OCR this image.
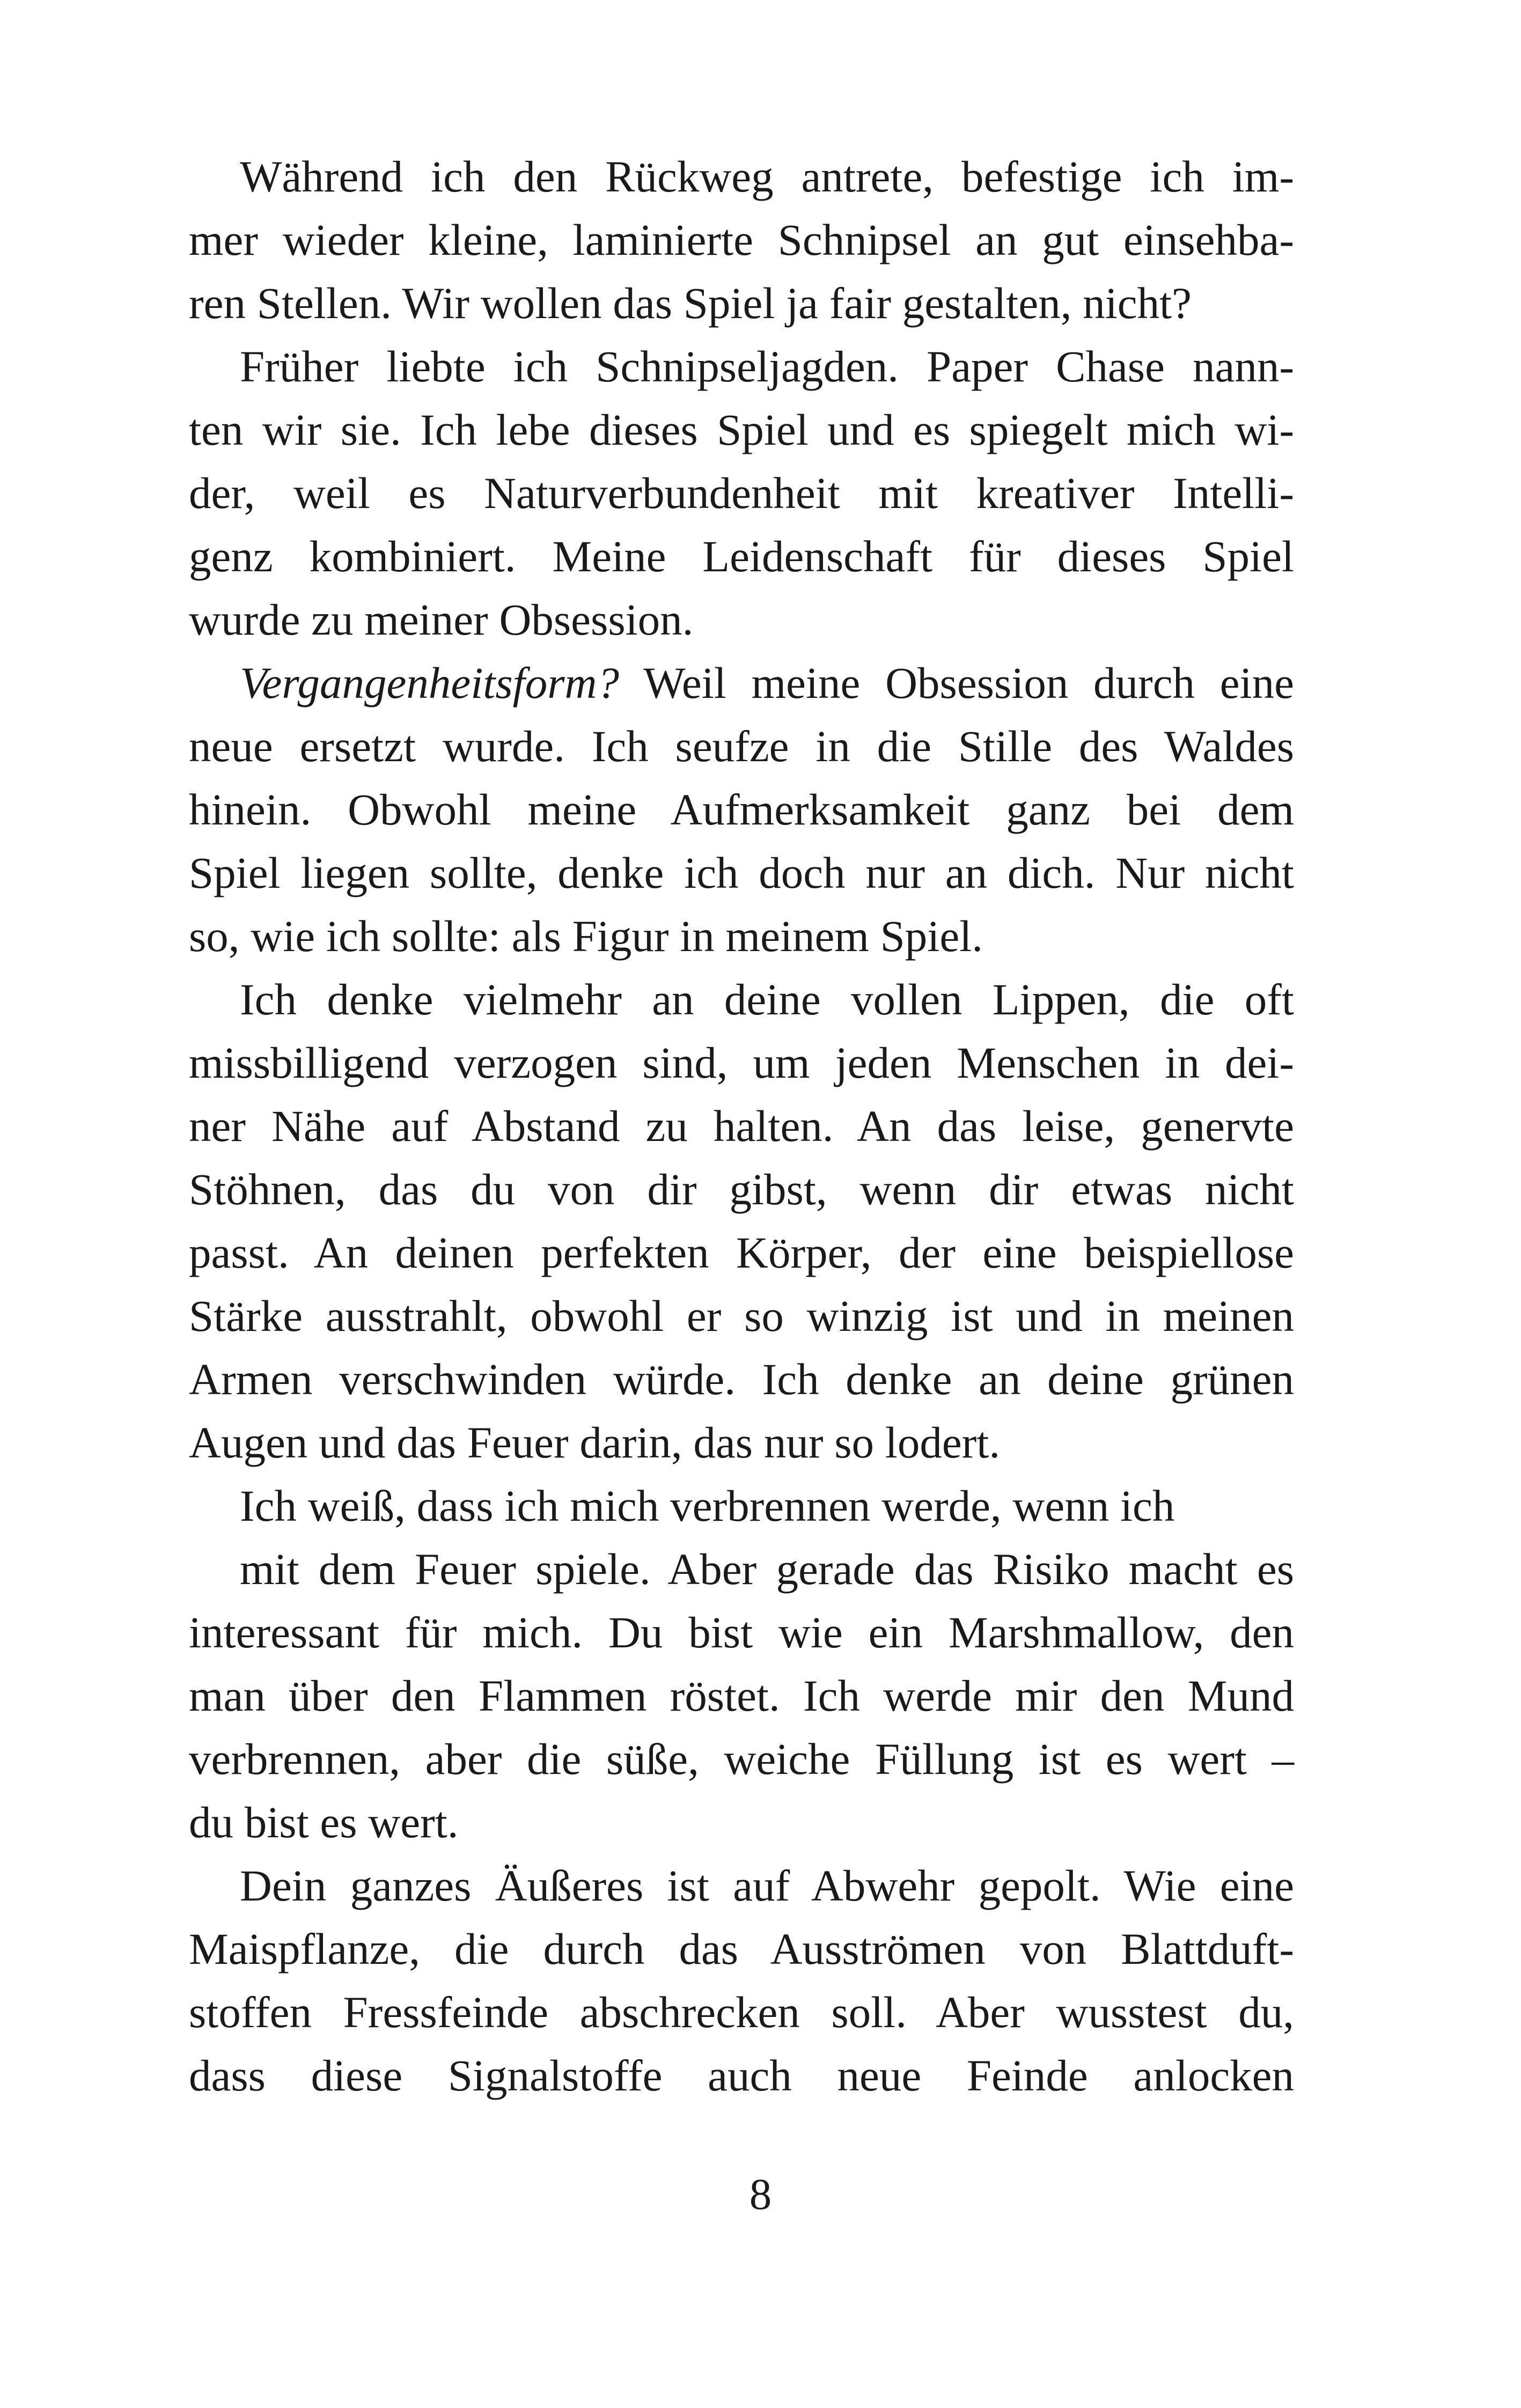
Während ich den Rückweg antrete, befestige ich im-
mer wieder kleine, laminierte Schnipsel an gut einsehba-
ren Stellen. Wir wollen das Spiel ja fair gestalten, nicht?
Früher liebte ich Schnipseljagden. Paper Chase nann-
ten wir sie. Ich lebe dieses Spiel und es spiegelt mich wi-
der, weil es Naturverbundenheit mit kreativer Intelli-
genz kombiniert. Meine Leidenschaft für dieses Spiel
wurde zu meiner Obsession.
Vergangenheitsform? Weil meine Obsession durch eine
neue ersetzt wurde. Ich seufze in die Stille des Waldes
hinein. Obwohl meine Aufmerksamkeit ganz bei dem
Spiel liegen sollte, denke ich doch nur an dich. Nur nicht
so, wie ich sollte: als Figur in meinem Spiel.
Ich denke vielmehr an deine vollen Lippen, die oft
missbilligend verzogen sind, um jeden Menschen in dei-
ner Nähe auf Abstand zu halten. An das leise, genervte
Stöhnen, das du von dir gibst, wenn dir etwas nicht
passt. An deinen perfekten Körper, der eine beispiellose
Stärke ausstrahlt, obwohl er so winzig ist und in meinen
Armen verschwinden würde. Ich denke an deine grünen
Augen und das Feuer darin, das nur so lodert.
Ich weiß, dass ich mich verbrennen werde, wenn ich
mit dem Feuer spiele. Aber gerade das Risiko macht es
interessant für mich. Du bist wie ein Marshmallow, den
man über den Flammen röstet. Ich werde mir den Mund
verbrennen, aber die süße, weiche Füllung ist es wert –
du bist es wert.
Dein ganzes Äußeres ist auf Abwehr gepolt. Wie eine
Maispflanze, die durch das Ausströmen von Blattduft-
stoffen Fressfeinde abschrecken soll. Aber wusstest du,
dass diese Signalstoffe auch neue Feinde anlocken
8
